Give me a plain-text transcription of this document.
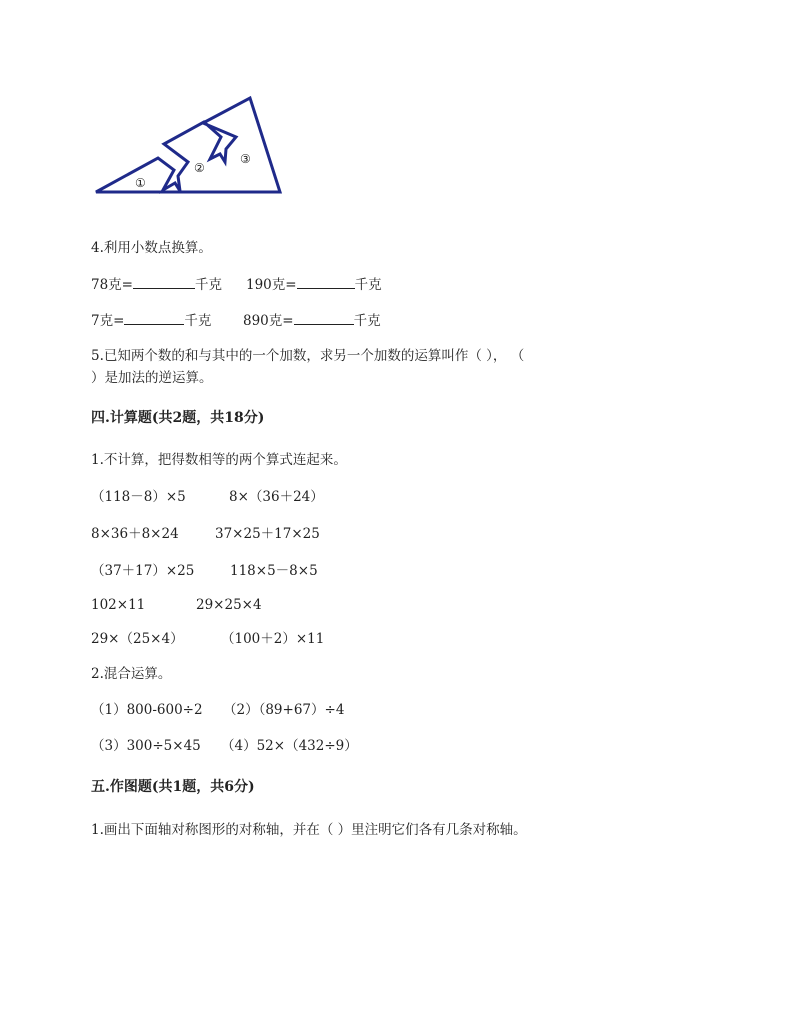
①
②
③
4.利用小数点换算。
78克=	千克 190克=	千克
7克=	千克 890克=	千克
5.已知两个数的和与其中的一个加数，求另一个加数的运算叫作（ ）， （
）是加法的逆运算。
四.计算题(共2题，共18分)
1.不计算，把得数相等的两个算式连起来。
（118－8）×5	8×（36＋24）
8×36＋8×24	37×25＋17×25
（37＋17）×25	118×5－8×5
102×11	29×25×4
29×（25×4）	（100＋2）×11
2.混合运算。
（1）800-600÷2 （2）（89+67）÷4
（3）300÷5×45 （4）52×（432÷9）
五.作图题(共1题，共6分)
1.画出下面轴对称图形的对称轴，并在（ ）里注明它们各有几条对称轴。
